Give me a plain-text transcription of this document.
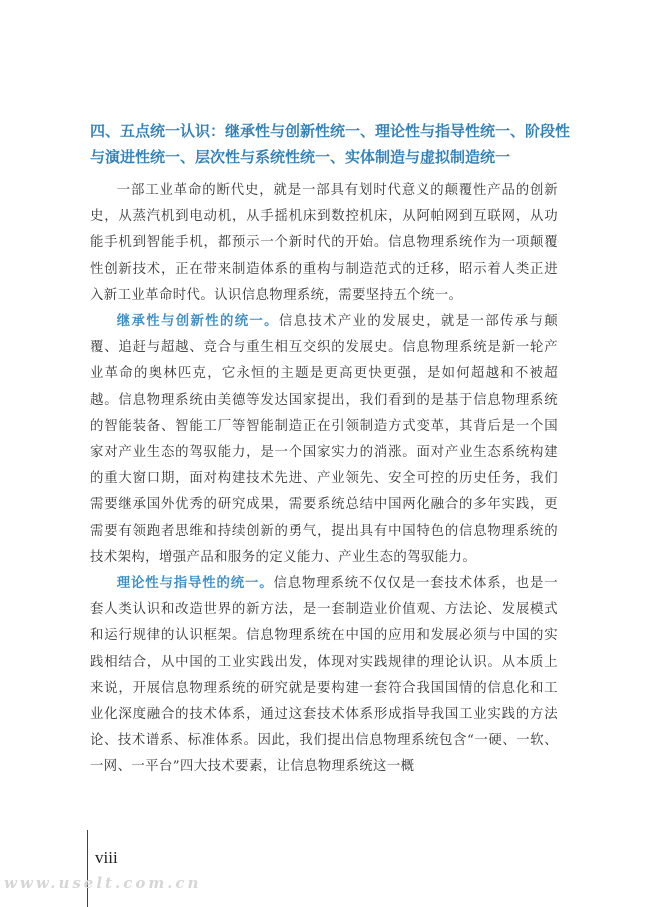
四、五点统一认识：继承性与创新性统一、理论性与指导性统一、阶段性与演进性统一、层次性与系统性统一、实体制造与虚拟制造统一

一部工业革命的断代史，就是一部具有划时代意义的颠覆性产品的创新史，从蒸汽机到电动机，从手摇机床到数控机床，从阿帕网到互联网，从功能手机到智能手机，都预示一个新时代的开始。信息物理系统作为一项颠覆性创新技术，正在带来制造体系的重构与制造范式的迁移，昭示着人类正进入新工业革命时代。认识信息物理系统，需要坚持五个统一。

继承性与创新性的统一。信息技术产业的发展史，就是一部传承与颠覆、追赶与超越、竞合与重生相互交织的发展史。信息物理系统是新一轮产业革命的奥林匹克，它永恒的主题是更高更快更强，是如何超越和不被超越。信息物理系统由美德等发达国家提出，我们看到的是基于信息物理系统的智能装备、智能工厂等智能制造正在引领制造方式变革，其背后是一个国家对产业生态的驾驭能力，是一个国家实力的消涨。面对产业生态系统构建的重大窗口期，面对构建技术先进、产业领先、安全可控的历史任务，我们需要继承国外优秀的研究成果，需要系统总结中国两化融合的多年实践，更需要有领跑者思维和持续创新的勇气，提出具有中国特色的信息物理系统的技术架构，增强产品和服务的定义能力、产业生态的驾驭能力。

理论性与指导性的统一。信息物理系统不仅仅是一套技术体系，也是一套人类认识和改造世界的新方法，是一套制造业价值观、方法论、发展模式和运行规律的认识框架。信息物理系统在中国的应用和发展必须与中国的实践相结合，从中国的工业实践出发，体现对实践规律的理论认识。从本质上来说，开展信息物理系统的研究就是要构建一套符合我国国情的信息化和工业化深度融合的技术体系，通过这套技术体系形成指导我国工业实践的方法论、技术谱系、标准体系。因此，我们提出信息物理系统包含“一硬、一软、一网、一平台”四大技术要素，让信息物理系统这一概

viii
www.uselt.com.cn
